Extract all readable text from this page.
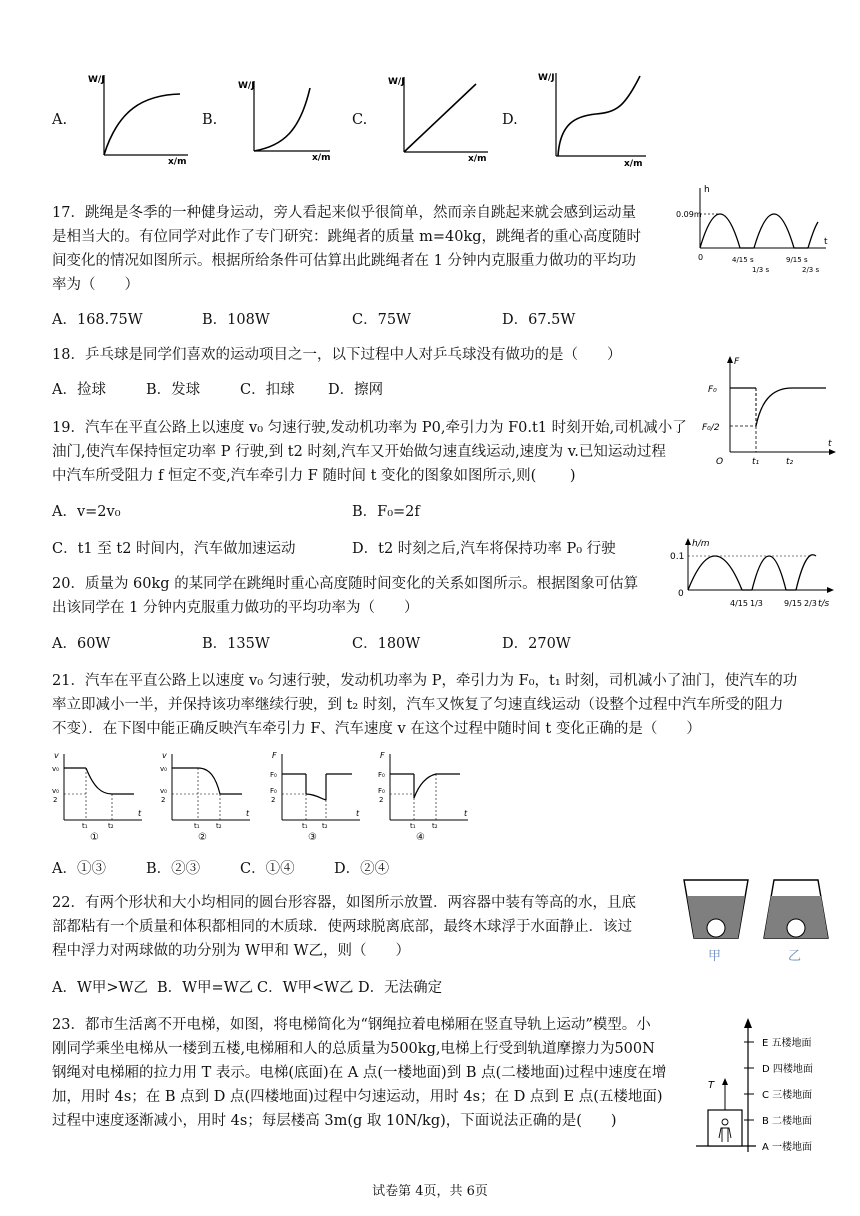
A.
W/J
x/m
B.
W/J
x/m
C.
W/J
x/m
D.
W/J
x/m
17．跳绳是冬季的一种健身运动，旁人看起来似乎很简单，然而亲自跳起来就会感到运动量
是相当大的。有位同学对此作了专门研究：跳绳者的质量 m=40kg，跳绳者的重心高度随时
间变化的情况如图所示。根据所给条件可估算出此跳绳者在 1 分钟内克服重力做功的平均功
率为（　　）
h
0.09m
0
t
4/15 s
1/3 s
9/15 s
2/3 s
A．168.75W	B．108W	C．75W	D．67.5W
18．乒乓球是同学们喜欢的运动项目之一，以下过程中人对乒乓球没有做功的是（　　）
A．捡球	B．发球	C．扣球 D．擦网
F
F₀
F₀/2
O	t₁	t₂
t
19．汽车在平直公路上以速度 v₀ 匀速行驶,发动机功率为 P0,牵引力为 F0.t1 时刻开始,司机减小了
油门,使汽车保持恒定功率 P 行驶,到 t2 时刻,汽车又开始做匀速直线运动,速度为 v.已知运动过程
中汽车所受阻力 f 恒定不变,汽车牵引力 F 随时间 t 变化的图象如图所示,则(　　 )
A．v=2v₀	B．F₀=2f
C．t1 至 t2 时间内，汽车做加速运动	D．t2 时刻之后,汽车将保持功率 P₀ 行驶	h/m
0.1
0
t/s
4/15 1/3	9/15 2/3
20．质量为 60kg 的某同学在跳绳时重心高度随时间变化的关系如图所示。根据图象可估算
出该同学在 1 分钟内克服重力做功的平均功率为（　　）
A．60W	B．135W	C．180W	D．270W
21．汽车在平直公路上以速度 v₀ 匀速行驶，发动机功率为 P，牵引力为 F₀，t₁ 时刻，司机减小了油门，使汽车的功
率立即减小一半，并保持该功率继续行驶，到 t₂ 时刻，汽车又恢复了匀速直线运动（设整个过程中汽车所受的阻力
不变）．在下图中能正确反映汽车牵引力 F、汽车速度 v 在这个过程中随时间 t 变化正确的是（　　）
v
v₀
v₀
2
t₁	t₂
t
①
v
v₀
v₀
2
t₁ t₂
t
②
F
F₀
F₀
2
t₁ t₂
t
③
F
F₀
F₀
2
t₁ t₂
t
④
A．①③	B．②③	C．①④	D．②④
22．有两个形状和大小均相同的圆台形容器，如图所示放置．两容器中装有等高的水，且底
部都粘有一个质量和体积都相同的木质球．使两球脱离底部，最终木球浮于水面静止．该过
程中浮力对两球做的功分别为 W甲和 W乙，则（　　）	甲	乙
A．W甲>W乙 B．W甲=W乙 C．W甲<W乙 D．无法确定
23．都市生活离不开电梯，如图，将电梯简化为“钢绳拉着电梯厢在竖直导轨上运动”模型。小
刚同学乘坐电梯从一楼到五楼,电梯厢和人的总质量为500kg,电梯上行受到轨道摩擦力为500N
钢绳对电梯厢的拉力用 T 表示。电梯(底面)在 A 点(一楼地面)到 B 点(二楼地面)过程中速度在增
加，用时 4s；在 B 点到 D 点(四楼地面)过程中匀速运动，用时 4s；在 D 点到 E 点(五楼地面)
过程中速度逐渐减小，用时 4s；每层楼高 3m(g 取 10N/kg)，下面说法正确的是(　　)
T
E 五楼地面
D 四楼地面
C 三楼地面
B 二楼地面
A 一楼地面
试卷第 4页，共 6页
